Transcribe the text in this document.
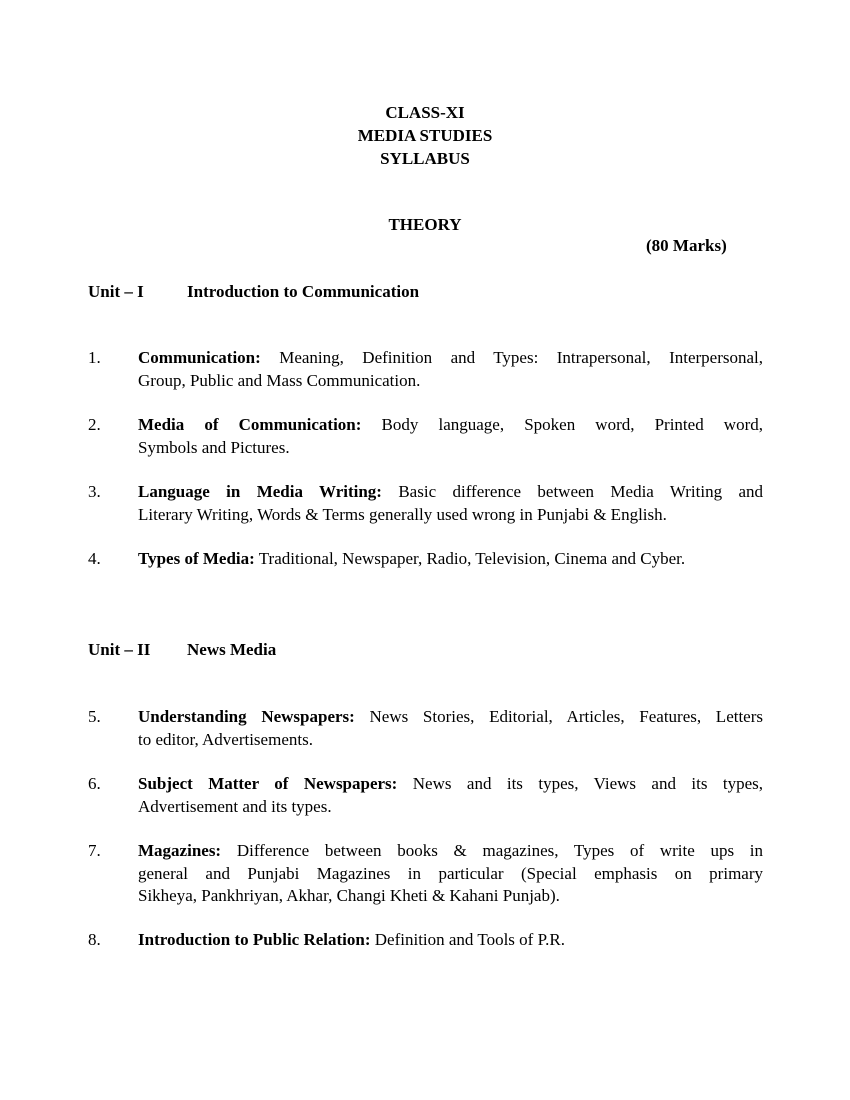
CLASS-XI
MEDIA STUDIES
SYLLABUS
THEORY
(80 Marks)
Unit – I	Introduction to Communication
1. Communication: Meaning, Definition and Types: Intrapersonal, Interpersonal,
Group, Public and Mass Communication.
2. Media of Communication: Body language, Spoken word, Printed word,
Symbols and Pictures.
3. Language in Media Writing: Basic difference between Media Writing and
Literary Writing, Words & Terms generally used wrong in Punjabi & English.
4. Types of Media: Traditional, Newspaper, Radio, Television, Cinema and Cyber.
Unit – II News Media
5. Understanding Newspapers: News Stories, Editorial, Articles, Features, Letters
to editor, Advertisements.
6. Subject Matter of Newspapers: News and its types, Views and its types,
Advertisement and its types.
7. Magazines: Difference between books & magazines, Types of write ups in
general and Punjabi Magazines in particular (Special emphasis on primary
Sikheya, Pankhriyan, Akhar, Changi Kheti & Kahani Punjab).
8. Introduction to Public Relation: Definition and Tools of P.R.
